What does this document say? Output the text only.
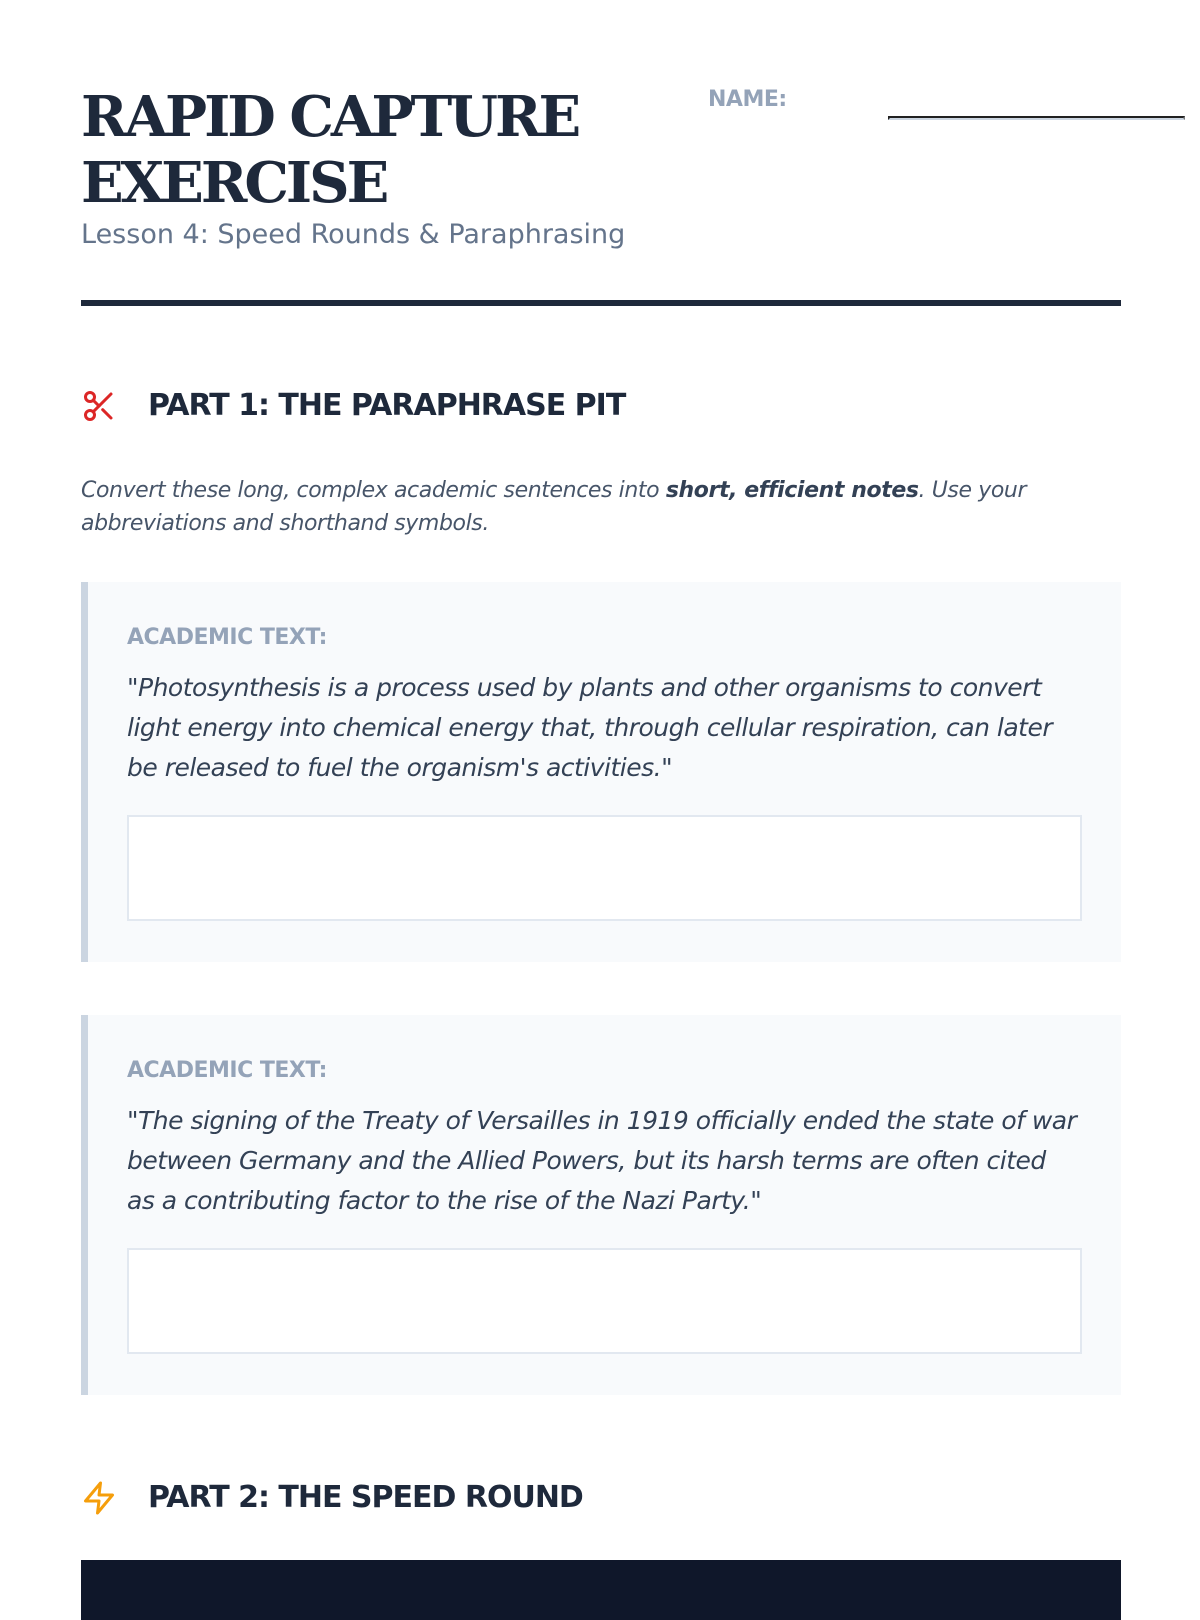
RAPID CAPTURE EXERCISE
Lesson 4: Speed Rounds & Paraphrasing
NAME:
PART 1: THE PARAPHRASE PIT

Convert these long, complex academic sentences into short, efficient notes. Use your abbreviations and shorthand symbols.

ACADEMIC TEXT:

"Photosynthesis is a process used by plants and other organisms to convert light energy into chemical energy that, through cellular respiration, can later be released to fuel the organism's activities."

ACADEMIC TEXT:

"The signing of the Treaty of Versailles in 1919 officially ended the state of war between Germany and the Allied Powers, but its harsh terms are often cited as a contributing factor to the rise of the Nazi Party."

PART 2: THE SPEED ROUND
